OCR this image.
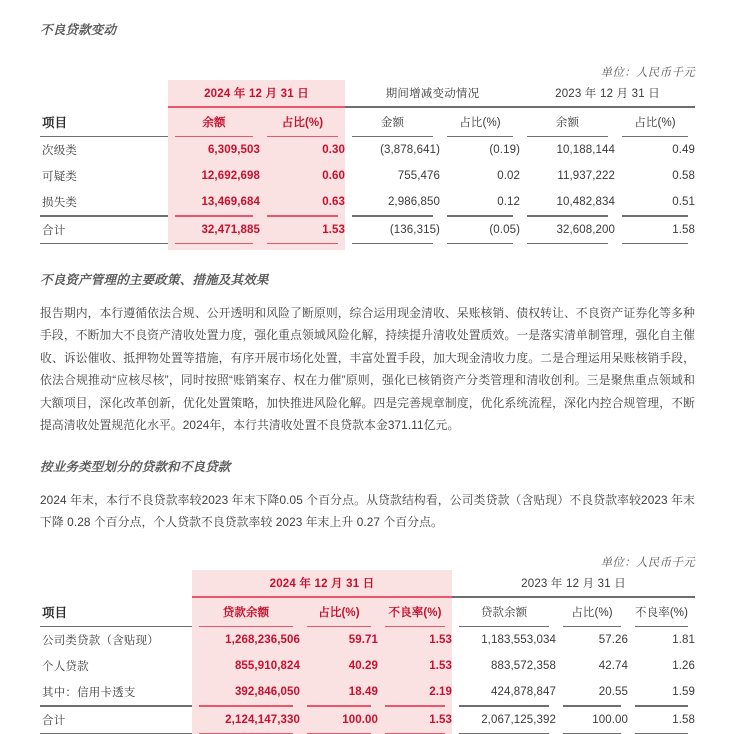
不良贷款变动
单位：人民币千元
	2024 年 12 月 31 日		期间增减变动情况		2023 年 12 月 31 日	

项目	余额	占比(%)	金额	占比(%)	余额	占比(%)

次级类	6,309,503	0.30	(3,878,641)	(0.19)	10,188,144	0.49
可疑类	12,692,698	0.60	755,476	0.02	11,937,222	0.58
损失类	13,469,684	0.63	2,986,850	0.12	10,482,834	0.51

合计	32,471,885	1.53	(136,315)	(0.05)	32,608,200	1.58

不良资产管理的主要政策、措施及其效果
报告期内，本行遵循依法合规、公开透明和风险了断原则，综合运用现金清收、呆账核销、债权转让、不良资产证券化等多种手段，不断加大不良资产清收处置力度，强化重点领域风险化解，持续提升清收处置质效。一是落实清单制管理，强化自主催收、诉讼催收、抵押物处置等措施，有序开展市场化处置，丰富处置手段，加大现金清收力度。二是合理运用呆账核销手段，依法合规推动“应核尽核”，同时按照“账销案存、权在力催”原则，强化已核销资产分类管理和清收创利。三是聚焦重点领域和大额项目，深化改革创新，优化处置策略，加快推进风险化解。四是完善规章制度，优化系统流程，深化内控合规管理，不断提高清收处置规范化水平。2024年，本行共清收处置不良贷款本金371.11亿元。
按业务类型划分的贷款和不良贷款
2024 年末，本行不良贷款率较2023 年末下降0.05 个百分点。从贷款结构看，公司类贷款（含贴现）不良贷款率较2023 年末下降 0.28 个百分点，个人贷款不良贷款率较 2023 年末上升 0.27 个百分点。
单位：人民币千元
	2024 年 12 月 31 日			2023 年 12 月 31 日		

项目	贷款余额	占比(%)	不良率(%)	贷款余额	占比(%)	不良率(%)

公司类贷款（含贴现）	1,268,236,506	59.71	1.53	1,183,553,034	57.26	1.81
个人贷款	855,910,824	40.29	1.53	883,572,358	42.74	1.26
其中：信用卡透支	392,846,050	18.49	2.19	424,878,847	20.55	1.59

合计	2,124,147,330	100.00	1.53	2,067,125,392	100.00	1.58
